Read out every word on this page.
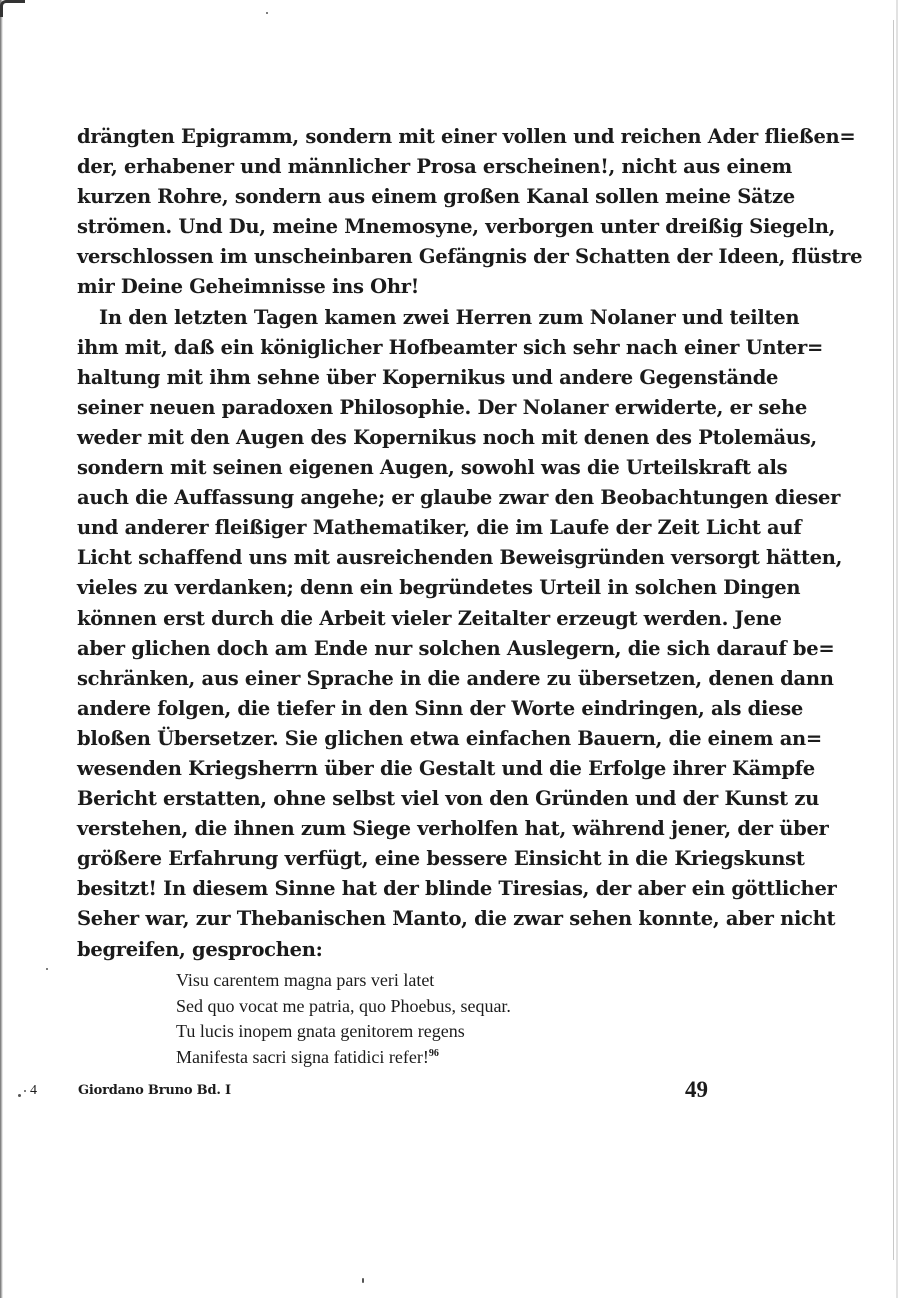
drängten Epigramm, sondern mit einer vollen und reichen Ader fließen=
der, erhabener und männlicher Prosa erscheinen!, nicht aus einem
kurzen Rohre, sondern aus einem großen Kanal sollen meine Sätze
strömen. Und Du, meine Mnemosyne, verborgen unter dreißig Siegeln,
verschlossen im unscheinbaren Gefängnis der Schatten der Ideen, flüstre
mir Deine Geheimnisse ins Ohr!
In den letzten Tagen kamen zwei Herren zum Nolaner und teilten
ihm mit, daß ein königlicher Hofbeamter sich sehr nach einer Unter=
haltung mit ihm sehne über Kopernikus und andere Gegenstände
seiner neuen paradoxen Philosophie. Der Nolaner erwiderte, er sehe
weder mit den Augen des Kopernikus noch mit denen des Ptolemäus,
sondern mit seinen eigenen Augen, sowohl was die Urteilskraft als
auch die Auffassung angehe; er glaube zwar den Beobachtungen dieser
und anderer fleißiger Mathematiker, die im Laufe der Zeit Licht auf
Licht schaffend uns mit ausreichenden Beweisgründen versorgt hätten,
vieles zu verdanken; denn ein begründetes Urteil in solchen Dingen
können erst durch die Arbeit vieler Zeitalter erzeugt werden. Jene
aber glichen doch am Ende nur solchen Auslegern, die sich darauf be=
schränken, aus einer Sprache in die andere zu übersetzen, denen dann
andere folgen, die tiefer in den Sinn der Worte eindringen, als diese
bloßen Übersetzer. Sie glichen etwa einfachen Bauern, die einem an=
wesenden Kriegsherrn über die Gestalt und die Erfolge ihrer Kämpfe
Bericht erstatten, ohne selbst viel von den Gründen und der Kunst zu
verstehen, die ihnen zum Siege verholfen hat, während jener, der über
größere Erfahrung verfügt, eine bessere Einsicht in die Kriegskunst
besitzt! In diesem Sinne hat der blinde Tiresias, der aber ein göttlicher
Seher war, zur Thebanischen Manto, die zwar sehen konnte, aber nicht
begreifen, gesprochen:
Visu carentem magna pars veri latet
Sed quo vocat me patria, quo Phoebus, sequar.
Tu lucis inopem gnata genitorem regens
Manifesta sacri signa fatidici refer!$^{96}$
4	Giordano Bruno Bd. I	49
